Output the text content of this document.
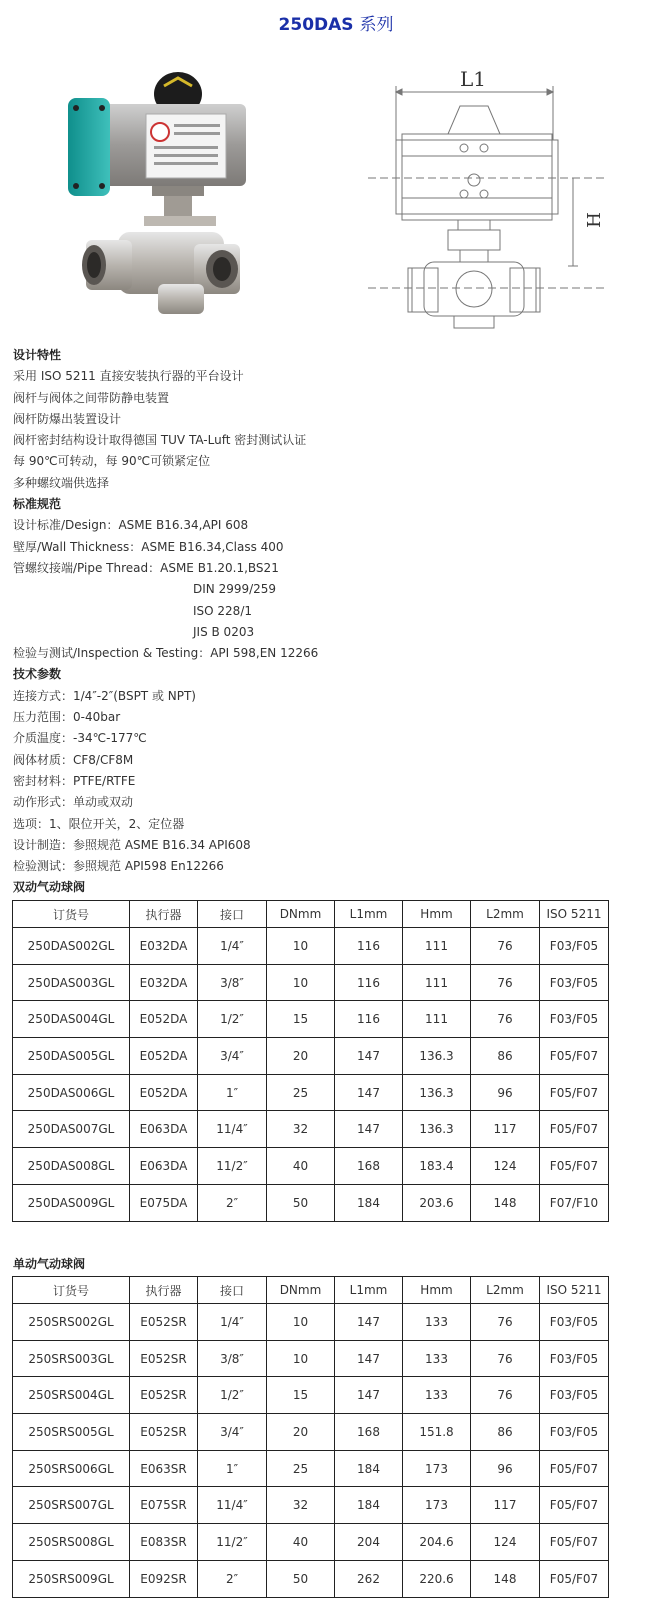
250DAS 系列
L1
H
设计特性
采用 ISO 5211 直接安装执行器的平台设计
阀杆与阀体之间带防静电装置
阀杆防爆出装置设计
阀杆密封结构设计取得德国 TUV TA-Luft 密封测试认证
每 90℃可转动，每 90℃可锁紧定位
多种螺纹端供选择
标准规范
设计标准/Design：ASME B16.34,API 608
壁厚/Wall Thickness：ASME B16.34,Class 400
管螺纹接端/Pipe Thread：ASME B1.20.1,BS21
DIN 2999/259
ISO 228/1
JIS B 0203
检验与测试/Inspection & Testing：API 598,EN 12266
技术参数
连接方式：1/4″-2″(BSPT 或 NPT)
压力范围：0-40bar
介质温度：-34℃-177℃
阀体材质：CF8/CF8M
密封材料：PTFE/RTFE
动作形式：单动或双动
选项：1、限位开关，2、定位器
设计制造：参照规范 ASME B16.34 API608
检验测试：参照规范 API598 En12266
双动气动球阀
订货号	执行器	接口	DNmm	L1mm	Hmm	L2mm	ISO 5211
250DAS002GL	E032DA	1/4″	10	116	111	76	F03/F05
250DAS003GL	E032DA	3/8″	10	116	111	76	F03/F05
250DAS004GL	E052DA	1/2″	15	116	111	76	F03/F05
250DAS005GL	E052DA	3/4″	20	147	136.3	86	F05/F07
250DAS006GL	E052DA	1″	25	147	136.3	96	F05/F07
250DAS007GL	E063DA	11/4″	32	147	136.3	117	F05/F07
250DAS008GL	E063DA	11/2″	40	168	183.4	124	F05/F07
250DAS009GL	E075DA	2″	50	184	203.6	148	F07/F10
单动气动球阀
订货号	执行器	接口	DNmm	L1mm	Hmm	L2mm	ISO 5211
250SRS002GL	E052SR	1/4″	10	147	133	76	F03/F05
250SRS003GL	E052SR	3/8″	10	147	133	76	F03/F05
250SRS004GL	E052SR	1/2″	15	147	133	76	F03/F05
250SRS005GL	E052SR	3/4″	20	168	151.8	86	F03/F05
250SRS006GL	E063SR	1″	25	184	173	96	F05/F07
250SRS007GL	E075SR	11/4″	32	184	173	117	F05/F07
250SRS008GL	E083SR	11/2″	40	204	204.6	124	F05/F07
250SRS009GL	E092SR	2″	50	262	220.6	148	F05/F07
